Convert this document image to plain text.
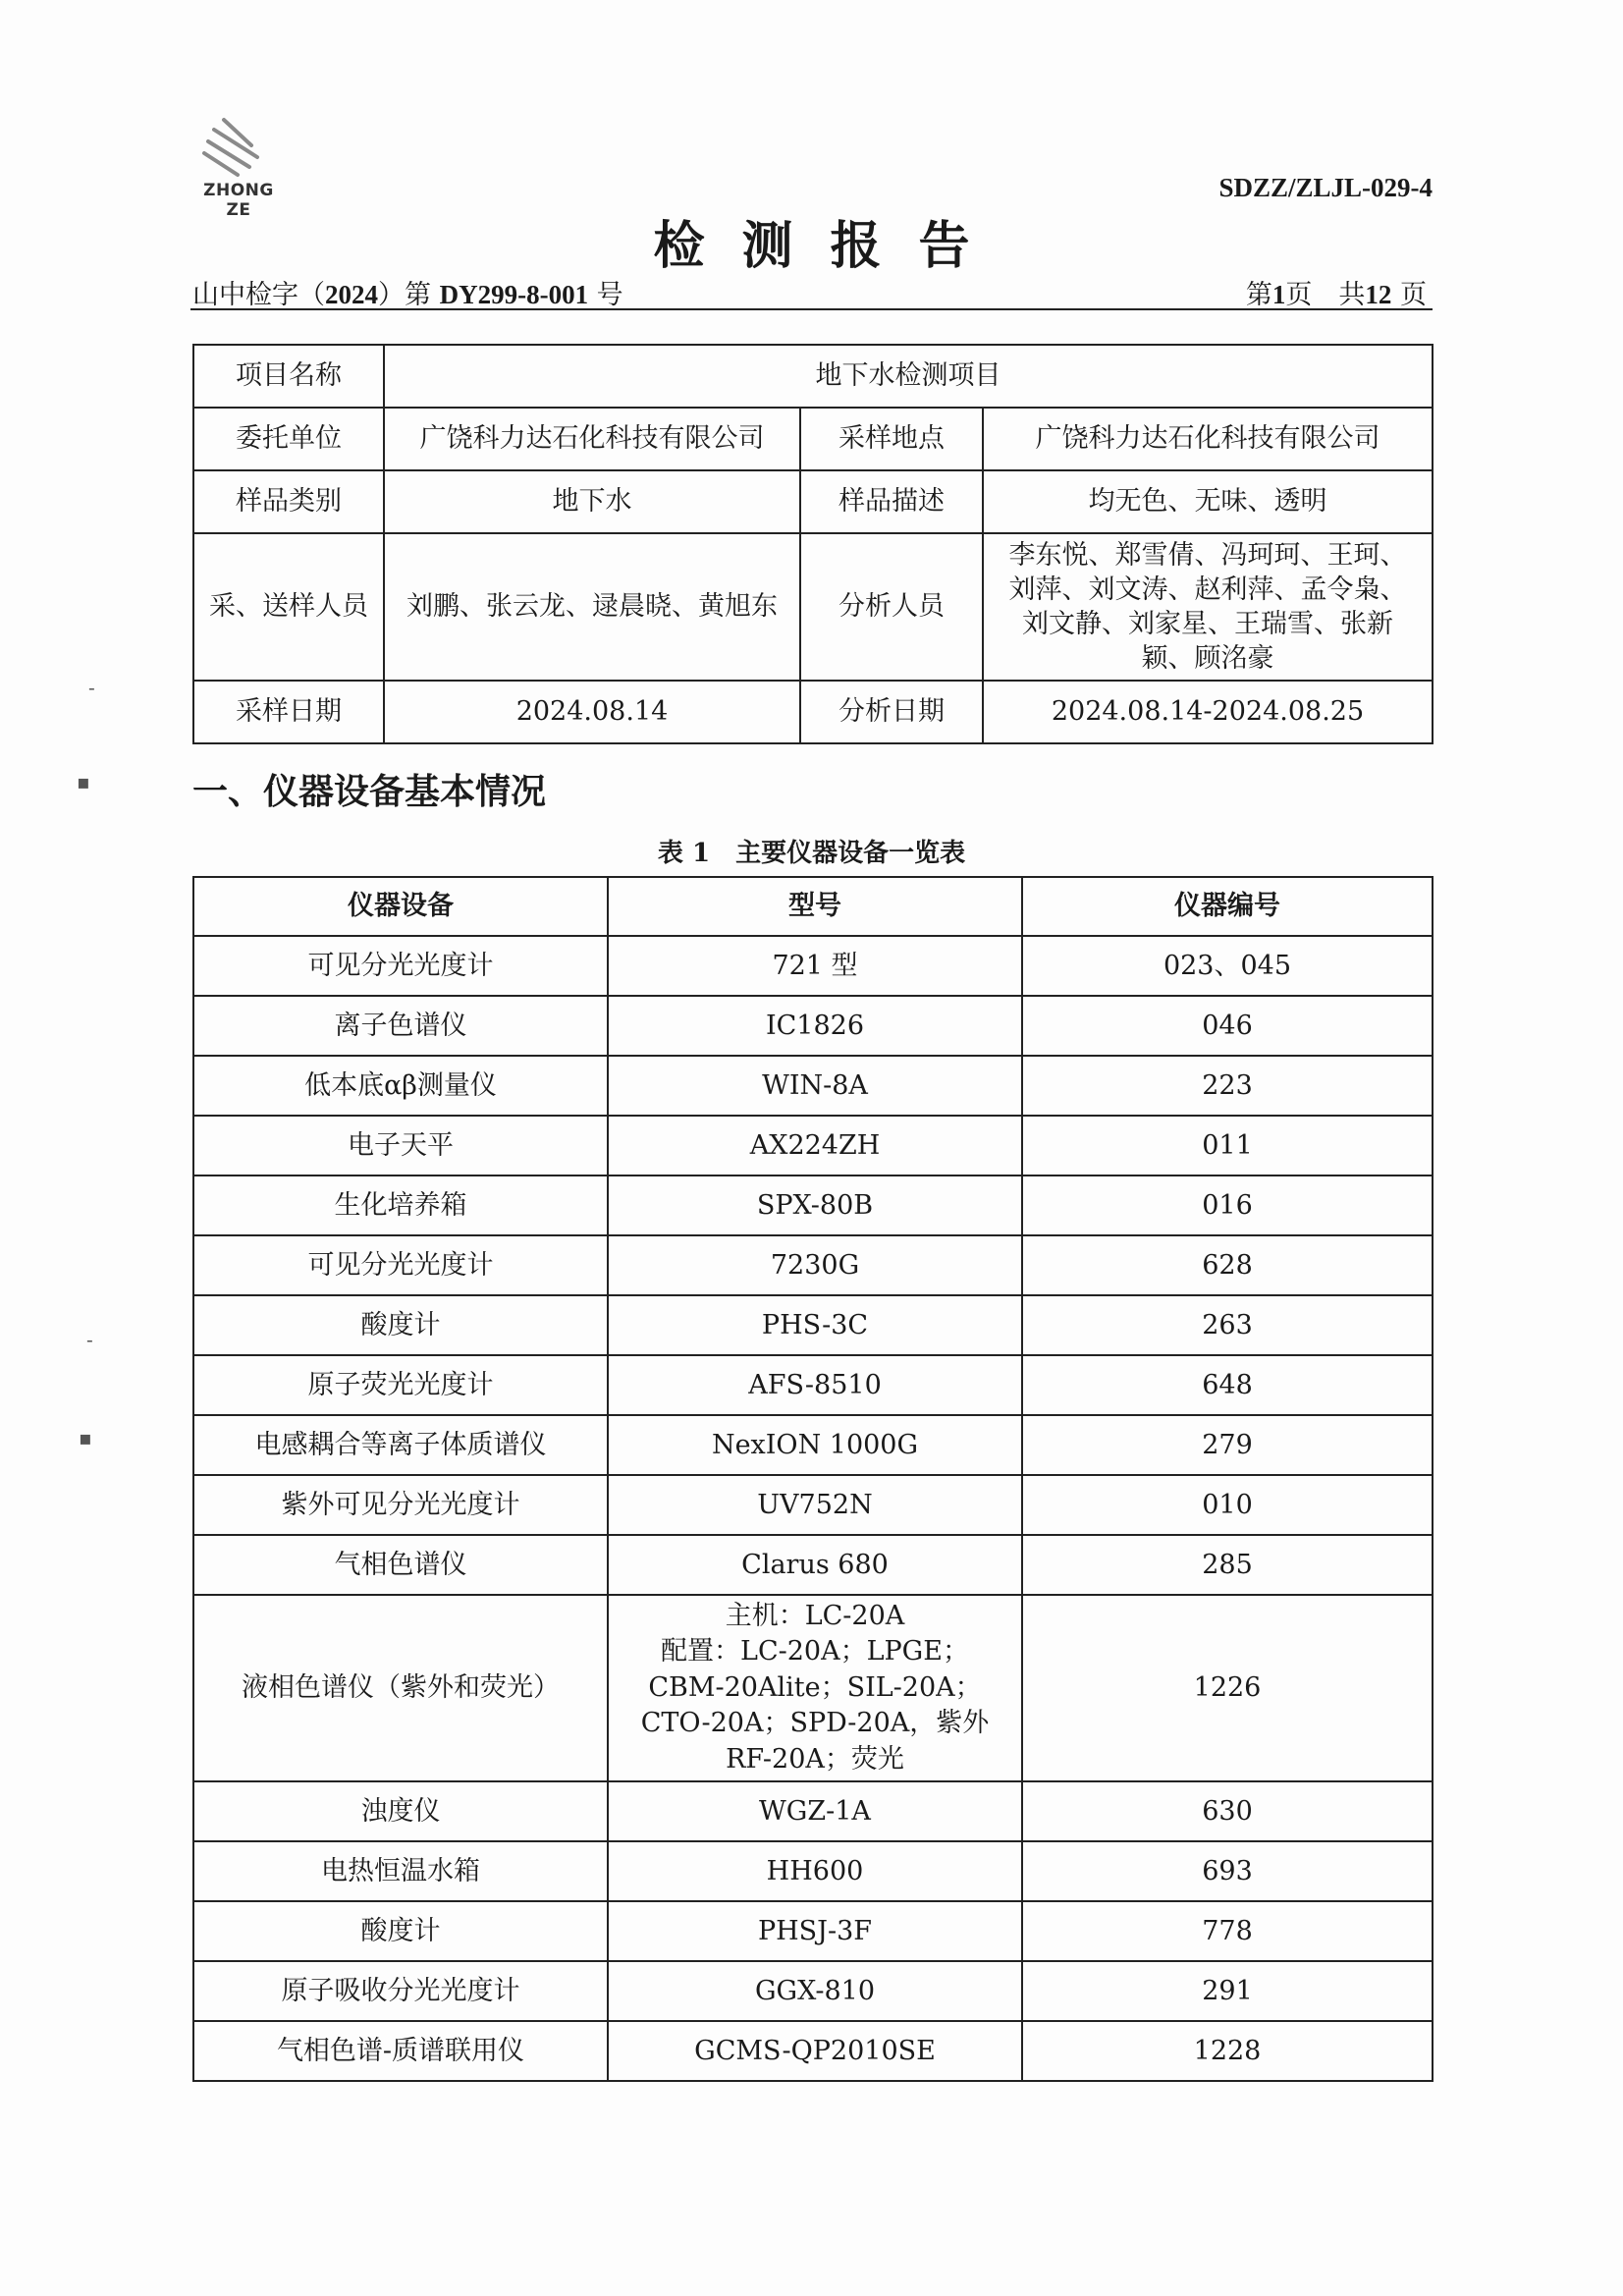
ZHONG ZE
SDZZ/ZLJL-029-4
检测报告
山中检字（2024）第 DY299-8-001 号	第1页　共12 页
项目名称	地下水检测项目		
委托单位	广饶科力达石化科技有限公司	采样地点	广饶科力达石化科技有限公司
样品类别	地下水	样品描述	均无色、无味、透明
采、送样人员	刘鹏、张云龙、逯晨晓、黄旭东	分析人员	李东悦、郑雪倩、冯珂珂、王珂、刘萍、刘文涛、赵利萍、孟令枭、刘文静、刘家星、王瑞雪、张新颖、顾洺豪
采样日期	2024.08.14	分析日期	2024.08.14-2024.08.25
一、仪器设备基本情况
表 1　主要仪器设备一览表
仪器设备	型号	仪器编号
可见分光光度计	721 型	023、045
离子色谱仪	IC1826	046
低本底αβ测量仪	WIN-8A	223
电子天平	AX224ZH	011
生化培养箱	SPX-80B	016
可见分光光度计	7230G	628
酸度计	PHS-3C	263
原子荧光光度计	AFS-8510	648
电感耦合等离子体质谱仪	NexION 1000G	279
紫外可见分光光度计	UV752N	010
气相色谱仪	Clarus 680	285
液相色谱仪（紫外和荧光）	主机：LC-20A
配置：LC-20A；LPGE；
CBM-20Alite；SIL-20A；
CTO-20A；SPD-20A，紫外
RF-20A；荧光	1226
浊度仪	WGZ-1A	630
电热恒温水箱	HH600	693
酸度计	PHSJ-3F	778
原子吸收分光光度计	GGX-810	291
气相色谱-质谱联用仪	GCMS-QP2010SE	1228
-
▪
-
▪
